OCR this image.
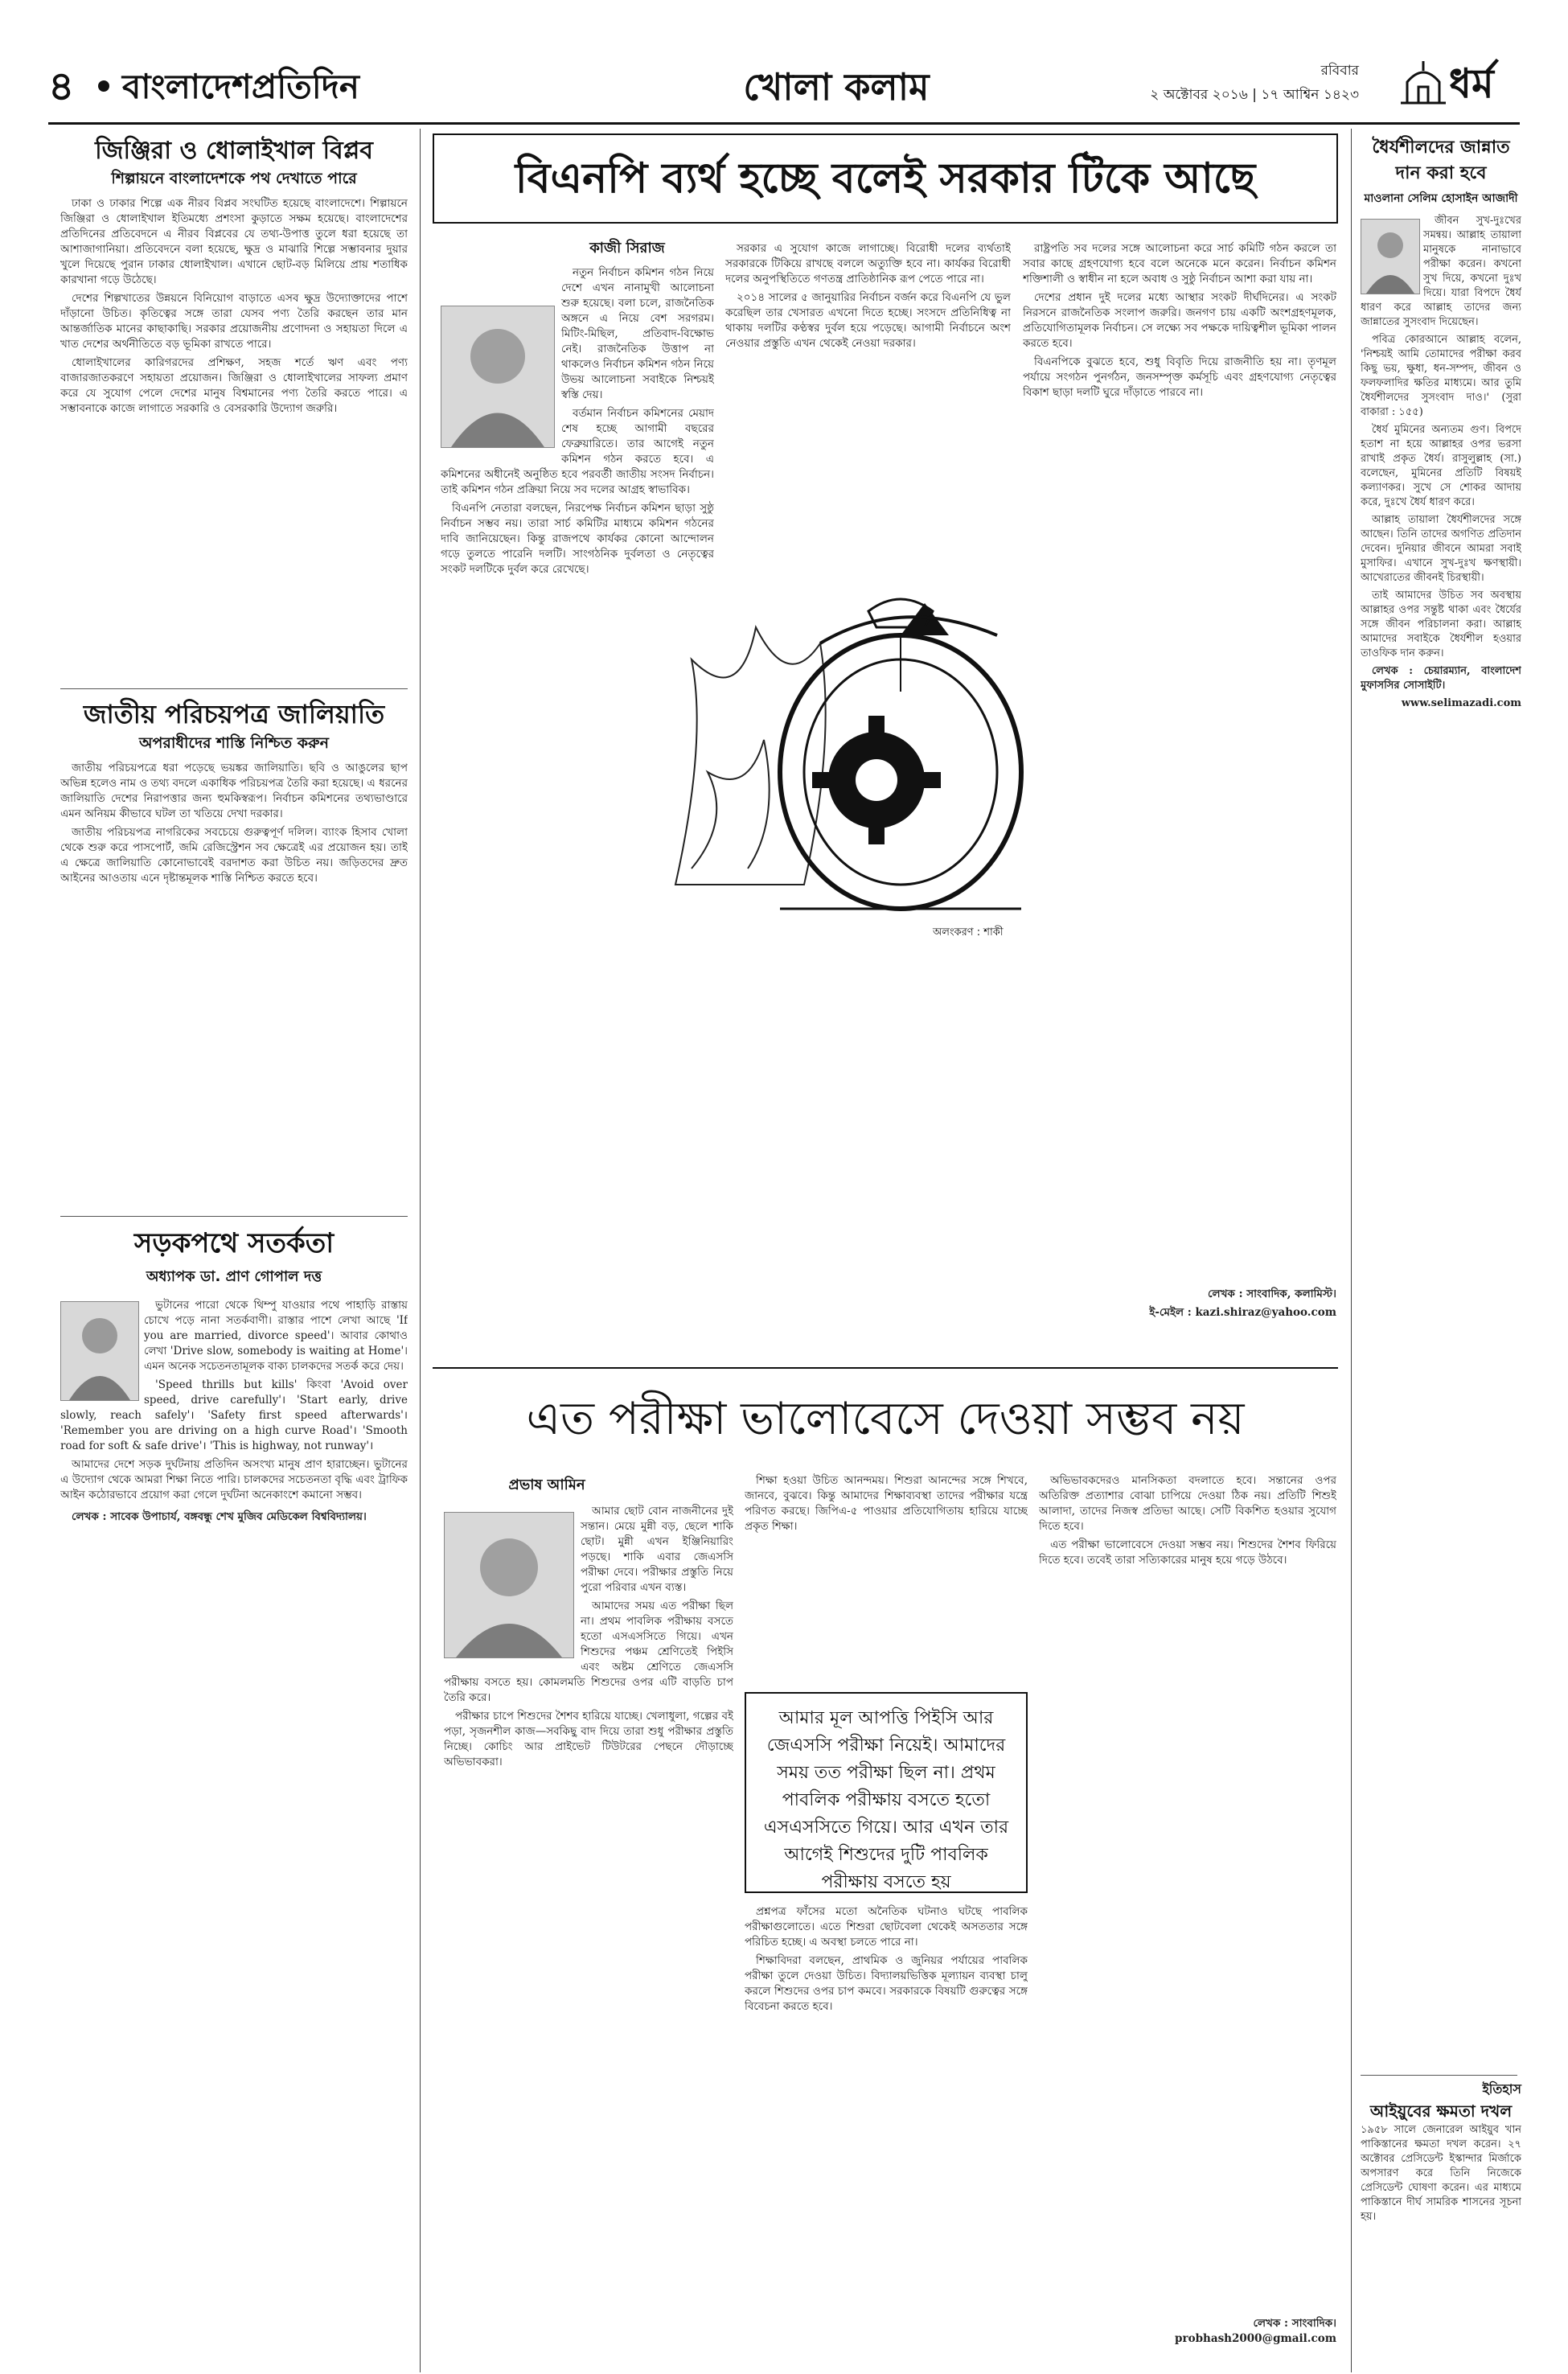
৪ বাংলাদেশপ্রতিদিন	খোলা কলাম	রবিবার
২ অক্টোবর ২০১৬ | ১৭ আশ্বিন ১৪২৩ ধর্ম
জিঞ্জিরা ও ধোলাইখাল বিপ্লব
শিল্পায়নে বাংলাদেশকে পথ দেখাতে পারে

ঢাকা ও ঢাকার শিল্পে এক নীরব বিপ্লব সংঘটিত হয়েছে বাংলাদেশে। শিল্পায়নে জিঞ্জিরা ও ধোলাইখাল ইতিমধ্যে প্রশংসা কুড়াতে সক্ষম হয়েছে। বাংলাদেশের প্রতিদিনের প্রতিবেদনে এ নীরব বিপ্লবের যে তথ্য-উপাত্ত তুলে ধরা হয়েছে তা আশাজাগানিয়া। প্রতিবেদনে বলা হয়েছে, ক্ষুদ্র ও মাঝারি শিল্পে সম্ভাবনার দুয়ার খুলে দিয়েছে পুরান ঢাকার ধোলাইখাল। এখানে ছোট-বড় মিলিয়ে প্রায় শতাধিক কারখানা গড়ে উঠেছে।

দেশের শিল্পখাতের উন্নয়নে বিনিয়োগ বাড়াতে এসব ক্ষুদ্র উদ্যোক্তাদের পাশে দাঁড়ানো উচিত। কৃতিত্বের সঙ্গে তারা যেসব পণ্য তৈরি করছেন তার মান আন্তর্জাতিক মানের কাছাকাছি। সরকার প্রয়োজনীয় প্রণোদনা ও সহায়তা দিলে এ খাত দেশের অর্থনীতিতে বড় ভূমিকা রাখতে পারে।

ধোলাইখালের কারিগরদের প্রশিক্ষণ, সহজ শর্তে ঋণ এবং পণ্য বাজারজাতকরণে সহায়তা প্রয়োজন। জিঞ্জিরা ও ধোলাইখালের সাফল্য প্রমাণ করে যে সুযোগ পেলে দেশের মানুষ বিশ্বমানের পণ্য তৈরি করতে পারে। এ সম্ভাবনাকে কাজে লাগাতে সরকারি ও বেসরকারি উদ্যোগ জরুরি।

জাতীয় পরিচয়পত্র জালিয়াতি
অপরাধীদের শাস্তি নিশ্চিত করুন

জাতীয় পরিচয়পত্রে ধরা পড়েছে ভয়ঙ্কর জালিয়াতি। ছবি ও আঙুলের ছাপ অভিন্ন হলেও নাম ও তথ্য বদলে একাধিক পরিচয়পত্র তৈরি করা হয়েছে। এ ধরনের জালিয়াতি দেশের নিরাপত্তার জন্য হুমকিস্বরূপ। নির্বাচন কমিশনের তথ্যভাণ্ডারে এমন অনিয়ম কীভাবে ঘটল তা খতিয়ে দেখা দরকার।

জাতীয় পরিচয়পত্র নাগরিকের সবচেয়ে গুরুত্বপূর্ণ দলিল। ব্যাংক হিসাব খোলা থেকে শুরু করে পাসপোর্ট, জমি রেজিস্ট্রেশন সব ক্ষেত্রেই এর প্রয়োজন হয়। তাই এ ক্ষেত্রে জালিয়াতি কোনোভাবেই বরদাশত করা উচিত নয়। জড়িতদের দ্রুত আইনের আওতায় এনে দৃষ্টান্তমূলক শাস্তি নিশ্চিত করতে হবে।

সড়কপথে সতর্কতা
অধ্যাপক ডা. প্রাণ গোপাল দত্ত

ভুটানের পারো থেকে থিম্পু যাওয়ার পথে পাহাড়ি রাস্তায় চোখে পড়ে নানা সতর্কবাণী। রাস্তার পাশে লেখা আছে 'If you are married, divorce speed'। আবার কোথাও লেখা 'Drive slow, somebody is waiting at Home'। এমন অনেক সচেতনতামূলক বাক্য চালকদের সতর্ক করে দেয়।

'Speed thrills but kills' কিংবা 'Avoid over speed, drive carefully'। 'Start early, drive slowly, reach safely'। 'Safety first speed afterwards'। 'Remember you are driving on a high curve Road'। 'Smooth road for soft & safe drive'। 'This is highway, not runway'।

আমাদের দেশে সড়ক দুর্ঘটনায় প্রতিদিন অসংখ্য মানুষ প্রাণ হারাচ্ছেন। ভুটানের এ উদ্যোগ থেকে আমরা শিক্ষা নিতে পারি। চালকদের সচেতনতা বৃদ্ধি এবং ট্রাফিক আইন কঠোরভাবে প্রয়োগ করা গেলে দুর্ঘটনা অনেকাংশে কমানো সম্ভব।

লেখক : সাবেক উপাচার্য, বঙ্গবন্ধু শেখ মুজিব মেডিকেল বিশ্ববিদ্যালয়।

বিএনপি ব্যর্থ হচ্ছে বলেই সরকার টিকে আছে
কাজী সিরাজ

নতুন নির্বাচন কমিশন গঠন নিয়ে দেশে এখন নানামুখী আলোচনা শুরু হয়েছে। বলা চলে, রাজনৈতিক অঙ্গনে এ নিয়ে বেশ সরগরম। মিটিং-মিছিল, প্রতিবাদ-বিক্ষোভ নেই। রাজনৈতিক উত্তাপ না থাকলেও নির্বাচন কমিশন গঠন নিয়ে উভয় আলোচনা সবাইকে নিশ্চয়ই স্বস্তি দেয়।

বর্তমান নির্বাচন কমিশনের মেয়াদ শেষ হচ্ছে আগামী বছরের ফেব্রুয়ারিতে। তার আগেই নতুন কমিশন গঠন করতে হবে। এ কমিশনের অধীনেই অনুষ্ঠিত হবে পরবর্তী জাতীয় সংসদ নির্বাচন। তাই কমিশন গঠন প্রক্রিয়া নিয়ে সব দলের আগ্রহ স্বাভাবিক।

বিএনপি নেতারা বলছেন, নিরপেক্ষ নির্বাচন কমিশন ছাড়া সুষ্ঠু নির্বাচন সম্ভব নয়। তারা সার্চ কমিটির মাধ্যমে কমিশন গঠনের দাবি জানিয়েছেন। কিন্তু রাজপথে কার্যকর কোনো আন্দোলন গড়ে তুলতে পারেনি দলটি। সাংগঠনিক দুর্বলতা ও নেতৃত্বের সংকট দলটিকে দুর্বল করে রেখেছে।

সরকার এ সুযোগ কাজে লাগাচ্ছে। বিরোধী দলের ব্যর্থতাই সরকারকে টিকিয়ে রাখছে বললে অত্যুক্তি হবে না। কার্যকর বিরোধী দলের অনুপস্থিতিতে গণতন্ত্র প্রাতিষ্ঠানিক রূপ পেতে পারে না।

২০১৪ সালের ৫ জানুয়ারির নির্বাচন বর্জন করে বিএনপি যে ভুল করেছিল তার খেসারত এখনো দিতে হচ্ছে। সংসদে প্রতিনিধিত্ব না থাকায় দলটির কণ্ঠস্বর দুর্বল হয়ে পড়েছে। আগামী নির্বাচনে অংশ নেওয়ার প্রস্তুতি এখন থেকেই নেওয়া দরকার।

রাষ্ট্রপতি সব দলের সঙ্গে আলোচনা করে সার্চ কমিটি গঠন করলে তা সবার কাছে গ্রহণযোগ্য হবে বলে অনেকে মনে করেন। নির্বাচন কমিশন শক্তিশালী ও স্বাধীন না হলে অবাধ ও সুষ্ঠু নির্বাচন আশা করা যায় না।

দেশের প্রধান দুই দলের মধ্যে আস্থার সংকট দীর্ঘদিনের। এ সংকট নিরসনে রাজনৈতিক সংলাপ জরুরি। জনগণ চায় একটি অংশগ্রহণমূলক, প্রতিযোগিতামূলক নির্বাচন। সে লক্ষ্যে সব পক্ষকে দায়িত্বশীল ভূমিকা পালন করতে হবে।

বিএনপিকে বুঝতে হবে, শুধু বিবৃতি দিয়ে রাজনীতি হয় না। তৃণমূল পর্যায়ে সংগঠন পুনর্গঠন, জনসম্পৃক্ত কর্মসূচি এবং গ্রহণযোগ্য নেতৃত্বের বিকাশ ছাড়া দলটি ঘুরে দাঁড়াতে পারবে না।

অলংকরণ : শাকী

লেখক : সাংবাদিক, কলামিস্ট।

ই-মেইল : kazi.shiraz@yahoo.com

এত পরীক্ষা ভালোবেসে দেওয়া সম্ভব নয়
প্রভাষ আমিন

আমার ছোট বোন নাজনীনের দুই সন্তান। মেয়ে মুন্নী বড়, ছেলে শাকি ছোট। মুন্নী এখন ইঞ্জিনিয়ারিং পড়ছে। শাকি এবার জেএসসি পরীক্ষা দেবে। পরীক্ষার প্রস্তুতি নিয়ে পুরো পরিবার এখন ব্যস্ত।

আমাদের সময় এত পরীক্ষা ছিল না। প্রথম পাবলিক পরীক্ষায় বসতে হতো এসএসসিতে গিয়ে। এখন শিশুদের পঞ্চম শ্রেণিতেই পিইসি এবং অষ্টম শ্রেণিতে জেএসসি পরীক্ষায় বসতে হয়। কোমলমতি শিশুদের ওপর এটি বাড়তি চাপ তৈরি করে।

পরীক্ষার চাপে শিশুদের শৈশব হারিয়ে যাচ্ছে। খেলাধুলা, গল্পের বই পড়া, সৃজনশীল কাজ—সবকিছু বাদ দিয়ে তারা শুধু পরীক্ষার প্রস্তুতি নিচ্ছে। কোচিং আর প্রাইভেট টিউটরের পেছনে দৌড়াচ্ছে অভিভাবকরা।

শিক্ষা হওয়া উচিত আনন্দময়। শিশুরা আনন্দের সঙ্গে শিখবে, জানবে, বুঝবে। কিন্তু আমাদের শিক্ষাব্যবস্থা তাদের পরীক্ষার যন্ত্রে পরিণত করছে। জিপিএ-৫ পাওয়ার প্রতিযোগিতায় হারিয়ে যাচ্ছে প্রকৃত শিক্ষা।

আমার মূল আপত্তি পিইসি আর জেএসসি পরীক্ষা নিয়েই। আমাদের সময় তত পরীক্ষা ছিল না। প্রথম পাবলিক পরীক্ষায় বসতে হতো এসএসসিতে গিয়ে। আর এখন তার আগেই শিশুদের দুটি পাবলিক পরীক্ষায় বসতে হয়

প্রশ্নপত্র ফাঁসের মতো অনৈতিক ঘটনাও ঘটছে পাবলিক পরীক্ষাগুলোতে। এতে শিশুরা ছোটবেলা থেকেই অসততার সঙ্গে পরিচিত হচ্ছে। এ অবস্থা চলতে পারে না।

শিক্ষাবিদরা বলছেন, প্রাথমিক ও জুনিয়র পর্যায়ের পাবলিক পরীক্ষা তুলে দেওয়া উচিত। বিদ্যালয়ভিত্তিক মূল্যায়ন ব্যবস্থা চালু করলে শিশুদের ওপর চাপ কমবে। সরকারকে বিষয়টি গুরুত্বের সঙ্গে বিবেচনা করতে হবে।

অভিভাবকদেরও মানসিকতা বদলাতে হবে। সন্তানের ওপর অতিরিক্ত প্রত্যাশার বোঝা চাপিয়ে দেওয়া ঠিক নয়। প্রতিটি শিশুই আলাদা, তাদের নিজস্ব প্রতিভা আছে। সেটি বিকশিত হওয়ার সুযোগ দিতে হবে।

এত পরীক্ষা ভালোবেসে দেওয়া সম্ভব নয়। শিশুদের শৈশব ফিরিয়ে দিতে হবে। তবেই তারা সত্যিকারের মানুষ হয়ে গড়ে উঠবে।

লেখক : সাংবাদিক।

probhash2000@gmail.com

ধৈর্যশীলদের জান্নাত দান করা হবে
মাওলানা সেলিম হোসাইন আজাদী

জীবন সুখ-দুঃখের সমন্বয়। আল্লাহ তায়ালা মানুষকে নানাভাবে পরীক্ষা করেন। কখনো সুখ দিয়ে, কখনো দুঃখ দিয়ে। যারা বিপদে ধৈর্য ধারণ করে আল্লাহ তাদের জন্য জান্নাতের সুসংবাদ দিয়েছেন।

পবিত্র কোরআনে আল্লাহ বলেন, 'নিশ্চয়ই আমি তোমাদের পরীক্ষা করব কিছু ভয়, ক্ষুধা, ধন-সম্পদ, জীবন ও ফলফলাদির ক্ষতির মাধ্যমে। আর তুমি ধৈর্যশীলদের সুসংবাদ দাও।' (সুরা বাকারা : ১৫৫)

ধৈর্য মুমিনের অন্যতম গুণ। বিপদে হতাশ না হয়ে আল্লাহর ওপর ভরসা রাখাই প্রকৃত ধৈর্য। রাসুলুল্লাহ (সা.) বলেছেন, মুমিনের প্রতিটি বিষয়ই কল্যাণকর। সুখে সে শোকর আদায় করে, দুঃখে ধৈর্য ধারণ করে।

আল্লাহ তায়ালা ধৈর্যশীলদের সঙ্গে আছেন। তিনি তাদের অগণিত প্রতিদান দেবেন। দুনিয়ার জীবনে আমরা সবাই মুসাফির। এখানে সুখ-দুঃখ ক্ষণস্থায়ী। আখেরাতের জীবনই চিরস্থায়ী।

তাই আমাদের উচিত সব অবস্থায় আল্লাহর ওপর সন্তুষ্ট থাকা এবং ধৈর্যের সঙ্গে জীবন পরিচালনা করা। আল্লাহ আমাদের সবাইকে ধৈর্যশীল হওয়ার তাওফিক দান করুন।

লেখক : চেয়ারম্যান, বাংলাদেশ মুফাসসির সোসাইটি।

www.selimazadi.com

ইতিহাস
আইয়ুবের ক্ষমতা দখল
১৯৫৮ সালে জেনারেল আইয়ুব খান পাকিস্তানের ক্ষমতা দখল করেন। ২৭ অক্টোবর প্রেসিডেন্ট ইস্কান্দার মির্জাকে অপসারণ করে তিনি নিজেকে প্রেসিডেন্ট ঘোষণা করেন। এর মাধ্যমে পাকিস্তানে দীর্ঘ সামরিক শাসনের সূচনা হয়।
